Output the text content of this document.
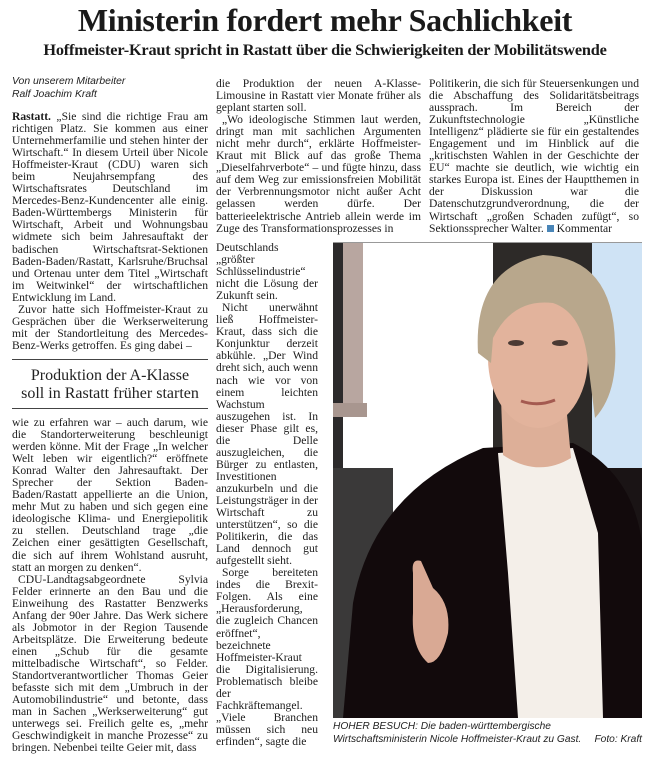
Ministerin fordert mehr Sachlichkeit
Hoffmeister-Kraut spricht in Rastatt über die Schwierigkeiten der Mobilitätswende
Von unserem Mitarbeiter
Ralf Joachim Kraft

Rastatt. „Sie sind die richtige Frau am richtigen Platz. Sie kommen aus einer Unternehmerfamilie und stehen hinter der Wirtschaft.“ In diesem Urteil über Nicole Hoffmeister-Kraut (CDU) waren sich beim Neujahrsempfang des Wirtschaftsrates Deutschland im Mercedes-Benz-Kundencenter alle einig. Baden-Württembergs Ministerin für Wirtschaft, Arbeit und Wohnungsbau widmete sich beim Jahresauftakt der badischen Wirtschaftsrat-Sektionen Baden-Baden/Rastatt, Karlsruhe/Bruchsal und Ortenau unter dem Titel „Wirtschaft im Weitwinkel“ der wirtschaftlichen Entwicklung im Land.

Zuvor hatte sich Hoffmeister-Kraut zu Gesprächen über die Werkserweiterung mit der Standortleitung des Mercedes-Benz-Werks getroffen. Es ging dabei –

Produktion der A-Klasse
soll in Rastatt früher starten

wie zu erfahren war – auch darum, wie die Standorterweiterung beschleunigt werden könne. Mit der Frage „In welcher Welt leben wir eigentlich?“ eröffnete Konrad Walter den Jahresauftakt. Der Sprecher der Sektion Baden-Baden/Rastatt appellierte an die Union, mehr Mut zu haben und sich gegen eine ideologische Klima- und Energiepolitik zu stellen. Deutschland trage „die Zeichen einer gesättigten Gesellschaft, die sich auf ihrem Wohlstand ausruht, statt an morgen zu denken“.

CDU-Landtagsabgeordnete Sylvia Felder erinnerte an den Bau und die Einweihung des Rastatter Benzwerks Anfang der 90er Jahre. Das Werk sichere als Jobmotor in der Region Tausende Arbeitsplätze. Die Erweiterung bedeute einen „Schub für die gesamte mittelbadische Wirtschaft“, so Felder. Standortverantwortlicher Thomas Geier befasste sich mit dem „Umbruch in der Automobilindustrie“ und betonte, dass man in Sachen „Werkserweiterung“ gut unterwegs sei. Freilich gelte es, „mehr Geschwindigkeit in manche Prozesse“ zu bringen. Nebenbei teilte Geier mit, dass

die Produktion der neuen A-Klasse-Limousine in Rastatt vier Monate früher als geplant starten soll.

„Wo ideologische Stimmen laut werden, dringt man mit sachlichen Argumenten nicht mehr durch“, erklärte Hoffmeister-Kraut mit Blick auf das große Thema „Dieselfahrverbote“ – und fügte hinzu, dass auf dem Weg zur emissionsfreien Mobilität der Verbrennungsmotor nicht außer Acht gelassen werden dürfe. Der batterieelektrische Antrieb allein werde im Zuge des Transformationsprozesses in

Deutschlands „größter Schlüsselindustrie“ nicht die Lösung der Zukunft sein.

Nicht unerwähnt ließ Hoffmeister-Kraut, dass sich die Konjunktur derzeit abkühle. „Der Wind dreht sich, auch wenn nach wie vor von einem leichten Wachstum auszugehen ist. In dieser Phase gilt es, die Delle auszugleichen, die Bürger zu entlasten, Investitionen anzukurbeln und die Leistungsträger in der Wirtschaft zu unterstützen“, so die Politikerin, die das Land dennoch gut aufgestellt sieht.

Sorge bereiteten indes die Brexit-Folgen. Als eine „Herausforderung, die zugleich Chancen eröffnet“, bezeichnete Hoffmeister-Kraut die Digitalisierung. Problematisch bleibe der Fachkräftemangel. „Viele Branchen müssen sich neu erfinden“, sagte die

Politikerin, die sich für Steuersenkungen und die Abschaffung des Solidaritätsbeitrags aussprach. Im Bereich der Zukunftstechnologie „Künstliche Intelligenz“ plädierte sie für ein gestaltendes Engagement und im Hinblick auf die „kritischsten Wahlen in der Geschichte der EU“ machte sie deutlich, wie wichtig ein starkes Europa ist. Eines der Hauptthemen in der Diskussion war die Datenschutzgrundverordnung, die der Wirtschaft „großen Schaden zufügt“, so Sektionssprecher Walter. Kommentar

HOHER BESUCH: Die baden-württembergische Wirtschaftsministerin Nicole Hoffmeister-Kraut zu Gast. Foto: Kraft
